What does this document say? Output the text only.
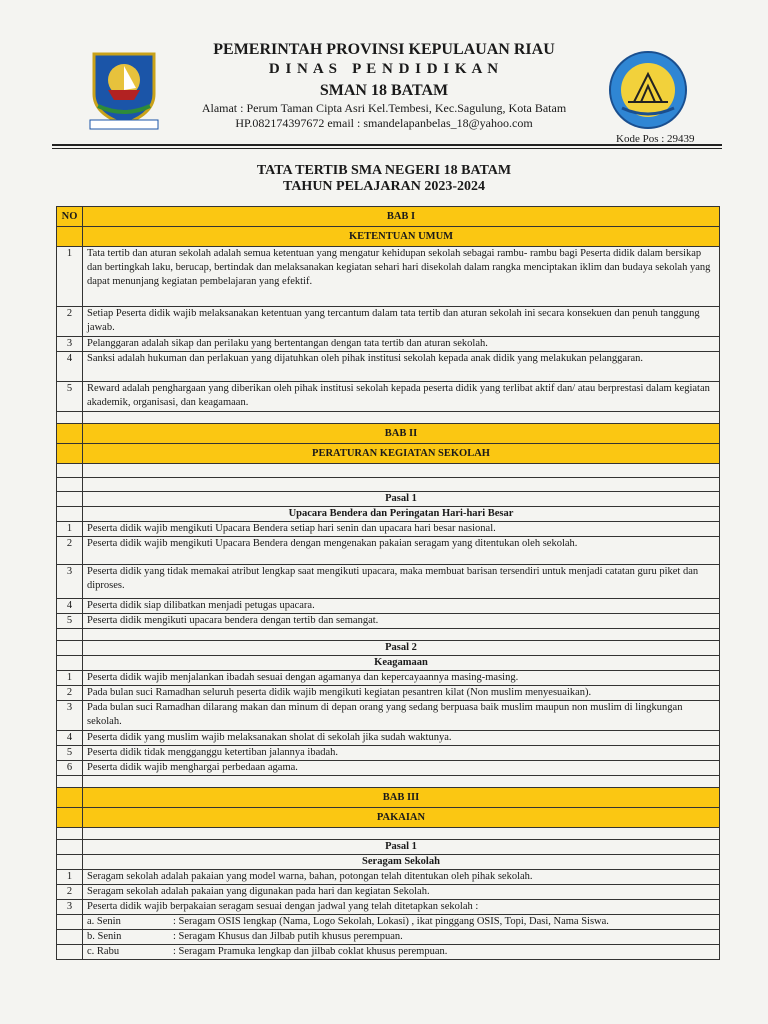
PEMERINTAH PROVINSI KEPULAUAN RIAU
D I N A S   P E N D I D I K A N
SMAN 18 BATAM
Alamat : Perum Taman Cipta Asri Kel.Tembesi, Kec.Sagulung, Kota Batam
HP.082174397672 email : smandelapanbelas_18@yahoo.com
Kode Pos : 29439
TATA TERTIB SMA NEGERI 18 BATAM
TAHUN PELAJARAN 2023-2024
NO	BAB I
	KETENTUAN UMUM
1	Tata tertib dan aturan sekolah adalah semua ketentuan yang mengatur kehidupan sekolah sebagai rambu- rambu bagi Peserta didik dalam bersikap dan bertingkah laku, berucap, bertindak dan melaksanakan kegiatan sehari hari disekolah dalam rangka menciptakan iklim dan budaya sekolah yang dapat menunjang kegiatan pembelajaran yang efektif.
2	Setiap Peserta didik wajib melaksanakan ketentuan yang tercantum dalam tata tertib dan aturan sekolah ini secara konsekuen dan penuh tanggung jawab.
3	Pelanggaran adalah sikap dan perilaku yang bertentangan dengan tata tertib dan aturan sekolah.
4	Sanksi adalah hukuman dan perlakuan yang dijatuhkan oleh pihak institusi sekolah kepada anak didik yang melakukan pelanggaran.
5	Reward adalah penghargaan yang diberikan oleh pihak institusi sekolah kepada peserta didik yang terlibat aktif dan/ atau berprestasi dalam kegiatan akademik, organisasi, dan keagamaan.

	BAB II
	PERATURAN KEGIATAN SEKOLAH

	Pasal 1
	Upacara Bendera dan Peringatan Hari-hari Besar
1	Peserta didik wajib mengikuti Upacara Bendera setiap hari senin dan upacara hari besar nasional.
2	Peserta didik wajib mengikuti Upacara Bendera dengan mengenakan pakaian seragam yang ditentukan oleh sekolah.
3	Peserta didik yang tidak memakai atribut lengkap saat mengikuti upacara, maka membuat barisan tersendiri untuk menjadi catatan guru piket dan diproses.
4	Peserta didik siap dilibatkan menjadi petugas upacara.
5	Peserta didik mengikuti upacara bendera dengan tertib dan semangat.

	Pasal 2
	Keagamaan
1	Peserta didik wajib menjalankan ibadah sesuai dengan agamanya dan kepercayaannya masing-masing.
2	Pada bulan suci Ramadhan seluruh peserta didik wajib mengikuti kegiatan pesantren kilat (Non muslim menyesuaikan).
3	Pada bulan suci Ramadhan dilarang makan dan minum di depan orang yang sedang berpuasa baik muslim maupun non muslim di lingkungan sekolah.
4	Peserta didik yang muslim wajib melaksanakan sholat di sekolah jika sudah waktunya.
5	Peserta didik tidak mengganggu ketertiban jalannya ibadah.
6	Peserta didik wajib menghargai perbedaan agama.

	BAB III
	PAKAIAN

	Pasal 1
	Seragam Sekolah
1	Seragam sekolah adalah pakaian yang model warna, bahan, potongan telah ditentukan oleh pihak sekolah.
2	Seragam sekolah adalah pakaian yang digunakan pada hari dan kegiatan Sekolah.
3	Peserta didik wajib berpakaian seragam sesuai dengan jadwal yang telah ditetapkan sekolah :

	a. Senin : Seragam OSIS lengkap (Nama, Logo Sekolah, Lokasi) , ikat pinggang OSIS, Topi, Dasi, Nama Siswa.

	b. Senin : Seragam Khusus dan Jilbab putih khusus perempuan.

	c. Rabu : Seragam Pramuka lengkap dan jilbab coklat khusus perempuan.
